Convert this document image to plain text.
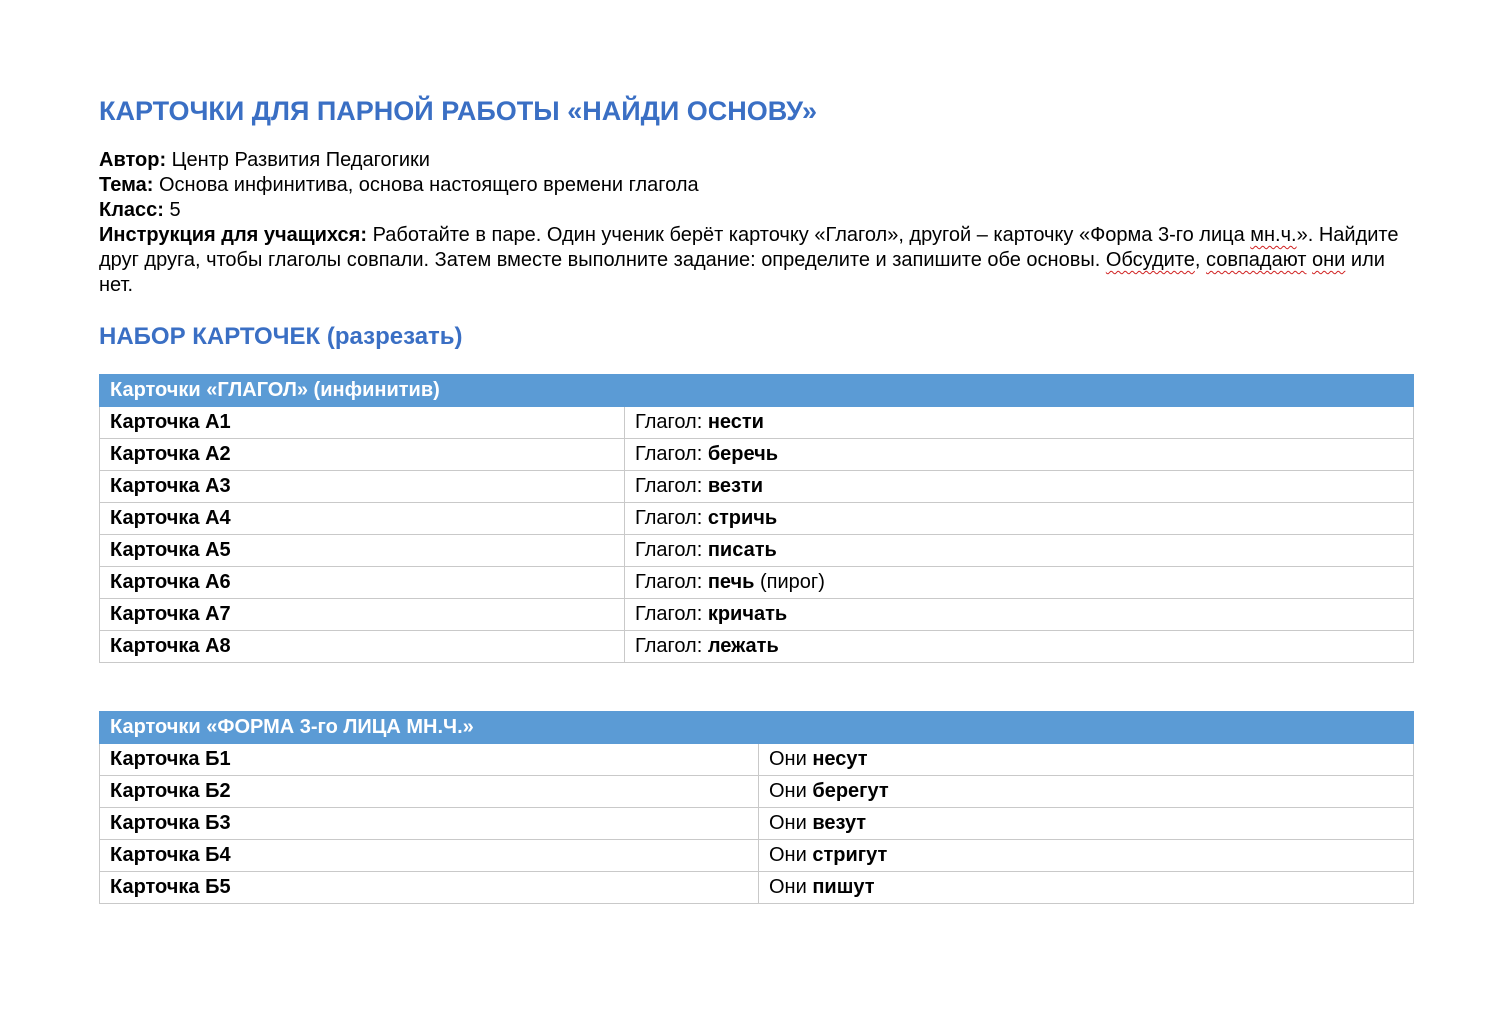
КАРТОЧКИ ДЛЯ ПАРНОЙ РАБОТЫ «НАЙДИ ОСНОВУ»
Автор: Центр Развития Педагогики
Тема: Основа инфинитива, основа настоящего времени глагола
Класс: 5
Инструкция для учащихся: Работайте в паре. Один ученик берёт карточку «Глагол», другой – карточку «Форма 3-го лица мн.ч.». Найдите друг друга, чтобы глаголы совпали. Затем вместе выполните задание: определите и запишите обе основы. Обсудите, совпадают они или нет.
НАБОР КАРТОЧЕК (разрезать)
Карточки «ГЛАГОЛ» (инфинитив)	
Карточка А1	Глагол: нести
Карточка А2	Глагол: беречь
Карточка А3	Глагол: везти
Карточка А4	Глагол: стричь
Карточка А5	Глагол: писать
Карточка А6	Глагол: печь (пирог)
Карточка А7	Глагол: кричать
Карточка А8	Глагол: лежать
Карточки «ФОРМА 3-го ЛИЦА МН.Ч.»	
Карточка Б1	Они несут
Карточка Б2	Они берегут
Карточка Б3	Они везут
Карточка Б4	Они стригут
Карточка Б5	Они пишут
